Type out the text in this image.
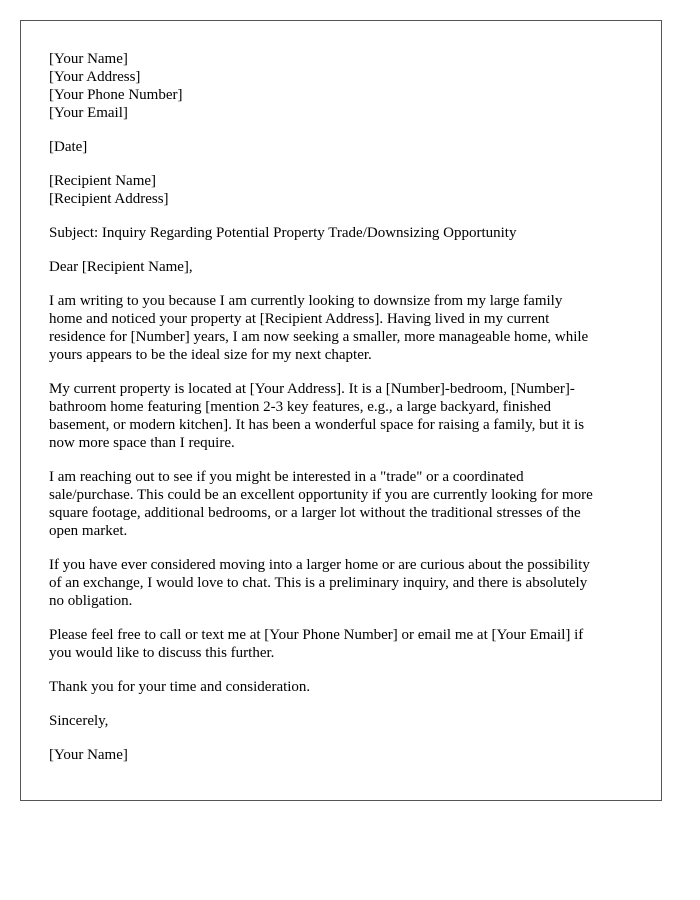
[Your Name]
[Your Address]
[Your Phone Number]
[Your Email]
[Date]
[Recipient Name]
[Recipient Address]
Subject: Inquiry Regarding Potential Property Trade/Downsizing Opportunity
Dear [Recipient Name],
I am writing to you because I am currently looking to downsize from my large family
home and noticed your property at [Recipient Address]. Having lived in my current
residence for [Number] years, I am now seeking a smaller, more manageable home, while
yours appears to be the ideal size for my next chapter.
My current property is located at [Your Address]. It is a [Number]-bedroom, [Number]-
bathroom home featuring [mention 2-3 key features, e.g., a large backyard, finished
basement, or modern kitchen]. It has been a wonderful space for raising a family, but it is
now more space than I require.
I am reaching out to see if you might be interested in a "trade" or a coordinated
sale/purchase. This could be an excellent opportunity if you are currently looking for more
square footage, additional bedrooms, or a larger lot without the traditional stresses of the
open market.
If you have ever considered moving into a larger home or are curious about the possibility
of an exchange, I would love to chat. This is a preliminary inquiry, and there is absolutely
no obligation.
Please feel free to call or text me at [Your Phone Number] or email me at [Your Email] if
you would like to discuss this further.
Thank you for your time and consideration.
Sincerely,
[Your Name]
